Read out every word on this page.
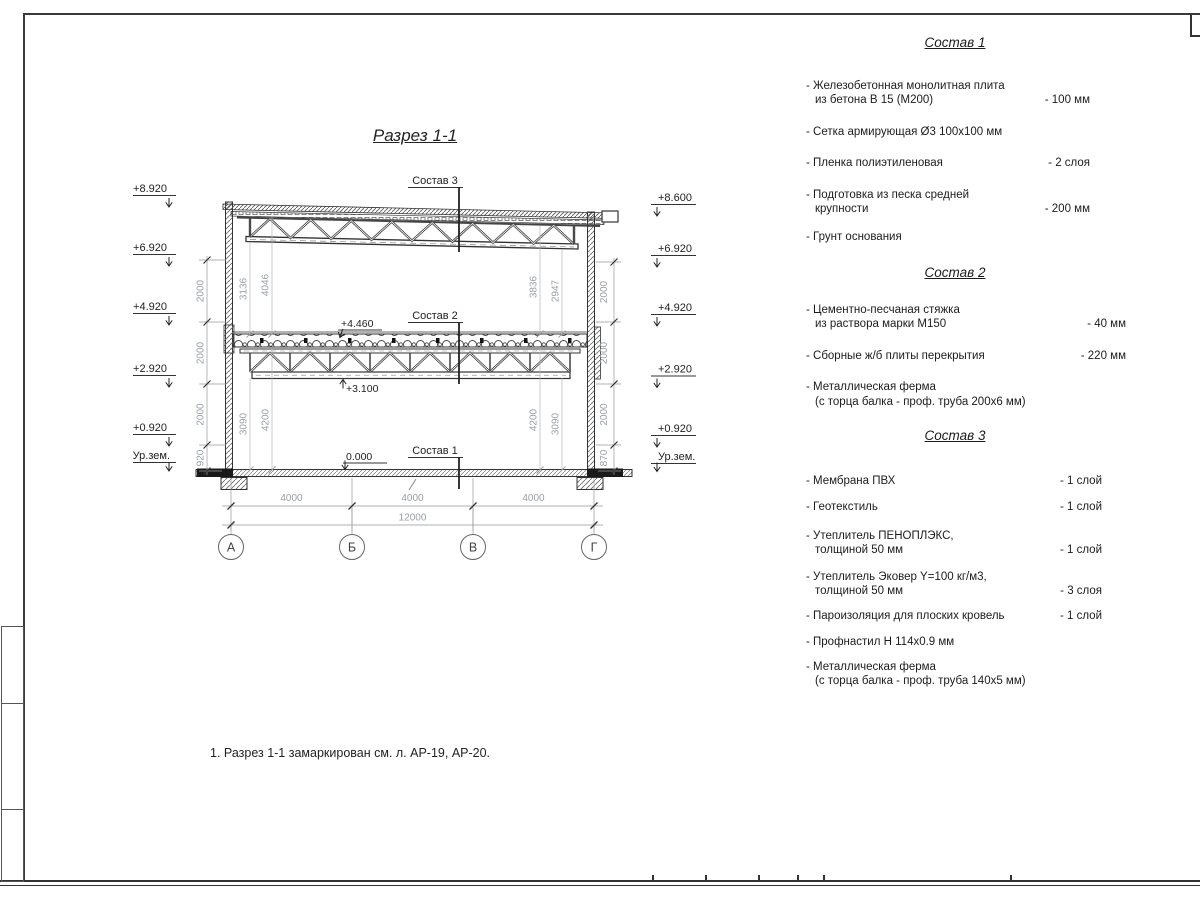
Разрез 1-1
Состав 3
Состав 2
Состав 1
+4.460
+3.100
0.000
+8.920
+6.920
+4.920
+2.920
+0.920
Ур.зем.
+8.600
+6.920
+4.920
+2.920
+0.920
Ур.зем.
2000
2000
2000
920
2000
2000
2000
870
3136 4046	3836 2947
3090 4200	4200 3090
4000	4000	4000
12000
А	Б	В	Г
Состав 1
- Железобетонная монолитная плита
из бетона В 15 (М200)	- 100 мм
- Сетка армирующая Ø3 100х100 мм
- Пленка полиэтиленовая	- 2 слоя
- Подготовка из песка средней
крупности	- 200 мм
- Грунт основания
Состав 2
- Цементно-песчаная стяжка
из раствора марки М150	- 40 мм
- Сборные ж/б плиты перекрытия	- 220 мм
- Металлическая ферма
(с торца балка - проф. труба 200х6 мм)
Состав 3
- Мембрана ПВХ	- 1 слой
- Геотекстиль	- 1 слой
- Утеплитель ПЕНОПЛЭКС,
толщиной 50 мм	- 1 слой
- Утеплитель Эковер Y=100 кг/м3,
толщиной 50 мм	- 3 слоя
- Пароизоляция для плоских кровель	- 1 слой
- Профнастил Н 114х0.9 мм
- Металлическая ферма
(с торца балка - проф. труба 140х5 мм)
1. Разрез 1-1 замаркирован см. л. АР-19, АР-20.
